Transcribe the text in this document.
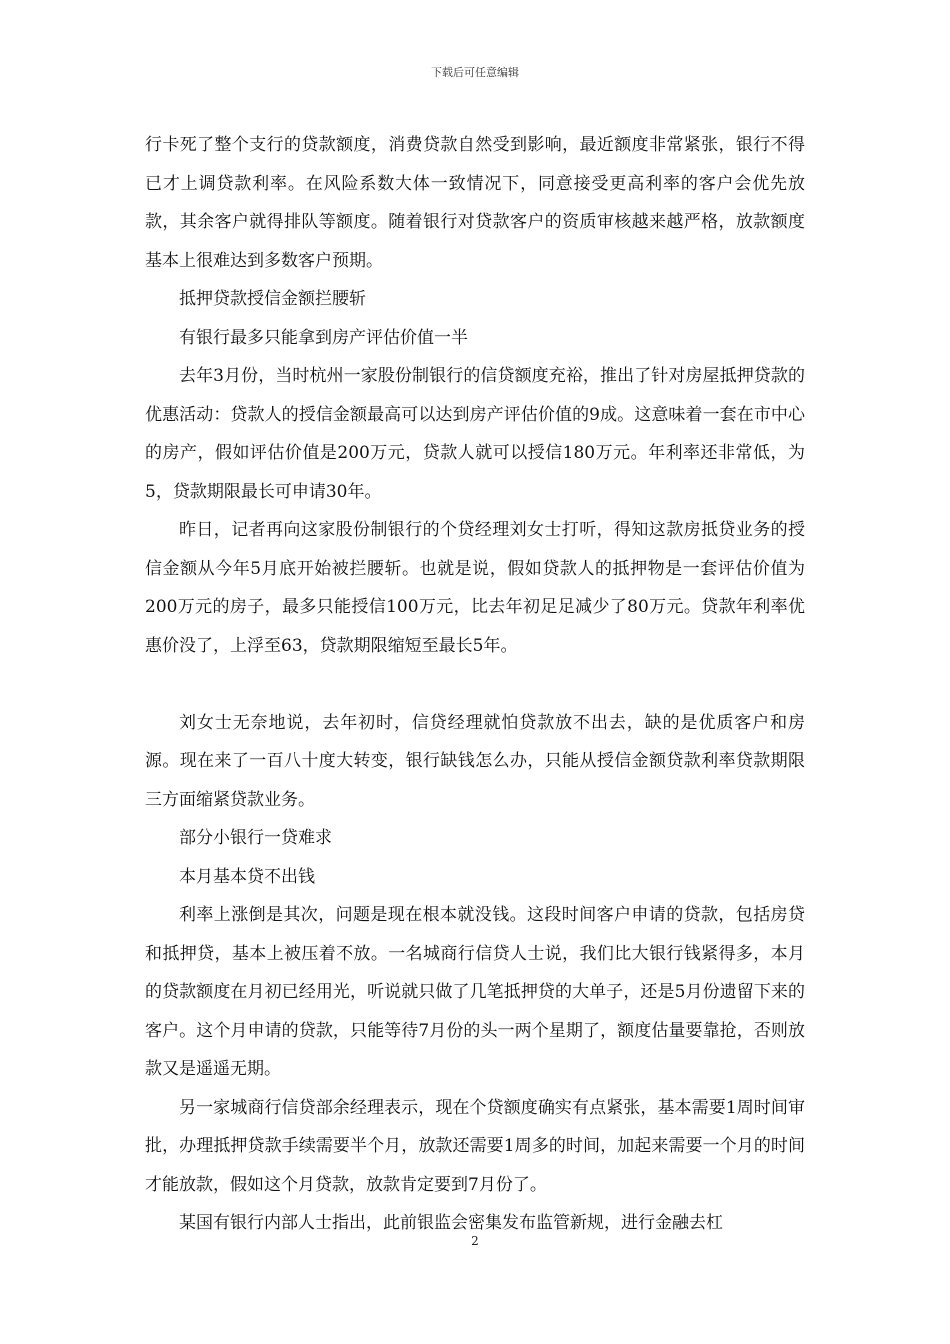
下载后可任意编辑

行卡死了整个支行的贷款额度，消费贷款自然受到影响，最近额度非常紧张，银行不得已才上调贷款利率。在风险系数大体一致情况下，同意接受更高利率的客户会优先放款，其余客户就得排队等额度。随着银行对贷款客户的资质审核越来越严格，放款额度基本上很难达到多数客户预期。

抵押贷款授信金额拦腰斩

有银行最多只能拿到房产评估价值一半

去年3月份，当时杭州一家股份制银行的信贷额度充裕，推出了针对房屋抵押贷款的优惠活动：贷款人的授信金额最高可以达到房产评估价值的9成。这意味着一套在市中心的房产，假如评估价值是200万元，贷款人就可以授信180万元。年利率还非常低，为5，贷款期限最长可申请30年。

昨日，记者再向这家股份制银行的个贷经理刘女士打听，得知这款房抵贷业务的授信金额从今年5月底开始被拦腰斩。也就是说，假如贷款人的抵押物是一套评估价值为200万元的房子，最多只能授信100万元，比去年初足足减少了80万元。贷款年利率优惠价没了，上浮至63，贷款期限缩短至最长5年。

刘女士无奈地说，去年初时，信贷经理就怕贷款放不出去，缺的是优质客户和房源。现在来了一百八十度大转变，银行缺钱怎么办，只能从授信金额贷款利率贷款期限三方面缩紧贷款业务。

部分小银行一贷难求

本月基本贷不出钱

利率上涨倒是其次，问题是现在根本就没钱。这段时间客户申请的贷款，包括房贷和抵押贷，基本上被压着不放。一名城商行信贷人士说，我们比大银行钱紧得多，本月的贷款额度在月初已经用光，听说就只做了几笔抵押贷的大单子，还是5月份遗留下来的客户。这个月申请的贷款，只能等待7月份的头一两个星期了，额度估量要靠抢，否则放款又是遥遥无期。

另一家城商行信贷部余经理表示，现在个贷额度确实有点紧张，基本需要1周时间审批，办理抵押贷款手续需要半个月，放款还需要1周多的时间，加起来需要一个月的时间才能放款，假如这个月贷款，放款肯定要到7月份了。

某国有银行内部人士指出，此前银监会密集发布监管新规，进行金融去杠

2
